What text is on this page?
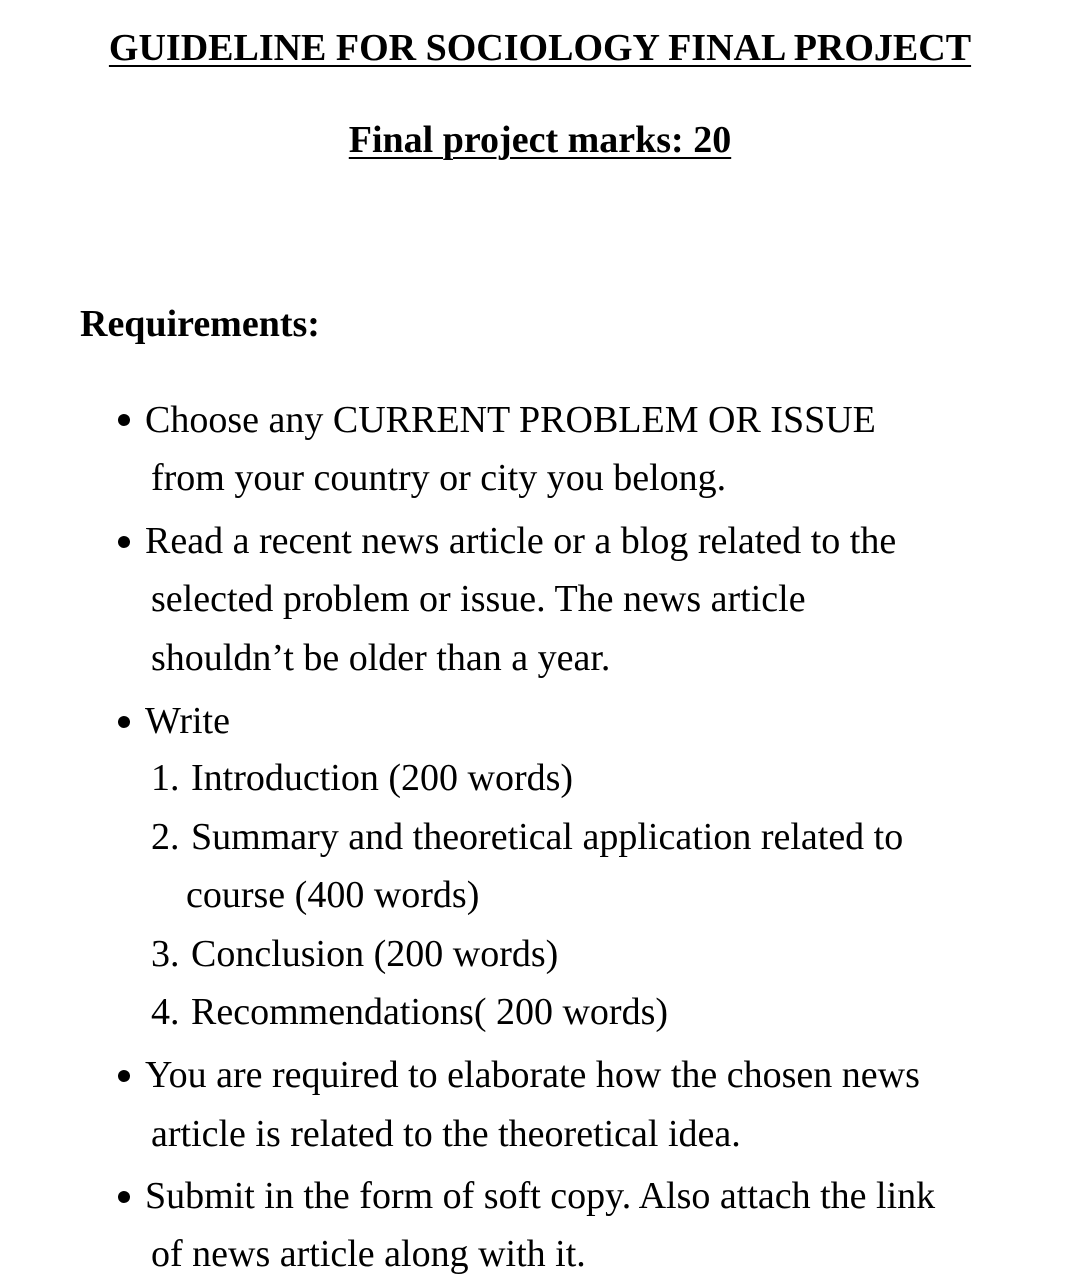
GUIDELINE FOR SOCIOLOGY FINAL PROJECT
Final project marks: 20
Requirements:
Choose any CURRENT PROBLEM OR ISSUE
from your country or city you belong.
Read a recent news article or a blog related to the
selected problem or issue. The news article
shouldn’t be older than a year.
Write
1. Introduction (200 words)
2. Summary and theoretical application related to
course (400 words)
3. Conclusion (200 words)
4. Recommendations( 200 words)
You are required to elaborate how the chosen news
article is related to the theoretical idea.
Submit in the form of soft copy. Also attach the link
of news article along with it.
